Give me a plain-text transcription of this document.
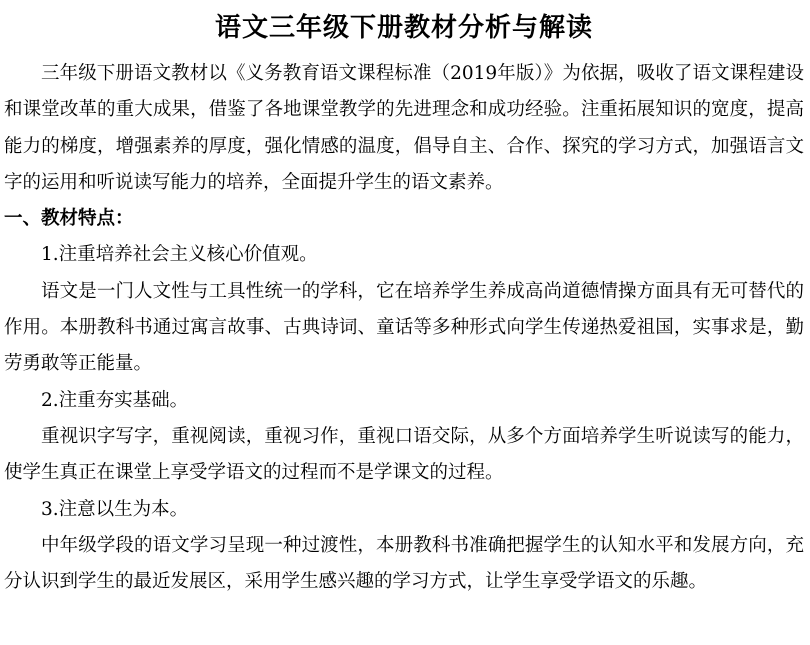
语文三年级下册教材分析与解读

三年级下册语文教材以《义务教育语文课程标准（2019年版）》为依据，吸收了语文课程建设和课堂改革的重大成果，借鉴了各地课堂教学的先进理念和成功经验。注重拓展知识的宽度，提高能力的梯度，增强素养的厚度，强化情感的温度，倡导自主、合作、探究的学习方式，加强语言文字的运用和听说读写能力的培养，全面提升学生的语文素养。

一、教材特点：

1.注重培养社会主义核心价值观。

语文是一门人文性与工具性统一的学科，它在培养学生养成高尚道德情操方面具有无可替代的作用。本册教科书通过寓言故事、古典诗词、童话等多种形式向学生传递热爱祖国，实事求是，勤劳勇敢等正能量。

2.注重夯实基础。

重视识字写字，重视阅读，重视习作，重视口语交际，从多个方面培养学生听说读写的能力，使学生真正在课堂上享受学语文的过程而不是学课文的过程。

3.注意以生为本。

中年级学段的语文学习呈现一种过渡性，本册教科书准确把握学生的认知水平和发展方向，充分认识到学生的最近发展区，采用学生感兴趣的学习方式，让学生享受学语文的乐趣。
